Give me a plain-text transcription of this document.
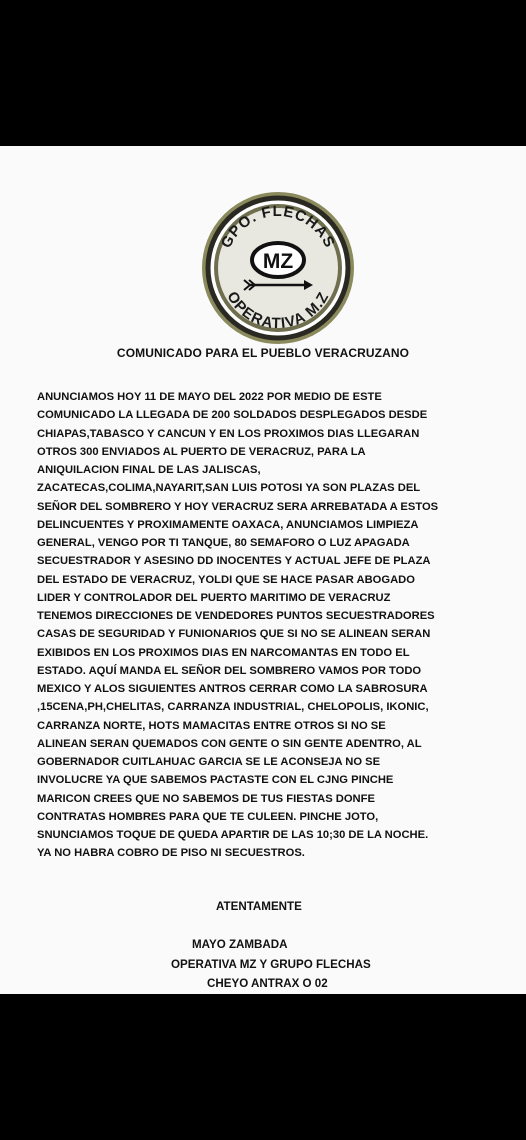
GPO. FLECHAS
OPERATIVA M.Z
MZ
COMUNICADO PARA EL PUEBLO VERACRUZANO

ANUNCIAMOS HOY 11 DE MAYO DEL 2022 POR MEDIO DE ESTE
COMUNICADO LA LLEGADA DE 200 SOLDADOS DESPLEGADOS DESDE
CHIAPAS,TABASCO Y CANCUN Y EN LOS PROXIMOS DIAS LLEGARAN
OTROS 300 ENVIADOS AL PUERTO DE VERACRUZ, PARA LA
ANIQUILACION FINAL DE LAS JALISCAS,
ZACATECAS,COLIMA,NAYARIT,SAN LUIS POTOSI YA SON PLAZAS DEL
SEÑOR DEL SOMBRERO Y HOY VERACRUZ SERA ARREBATADA A ESTOS
DELINCUENTES Y PROXIMAMENTE OAXACA, ANUNCIAMOS LIMPIEZA
GENERAL, VENGO POR TI TANQUE, 80 SEMAFORO O LUZ APAGADA
SECUESTRADOR Y ASESINO DD INOCENTES Y ACTUAL JEFE DE PLAZA
DEL ESTADO DE VERACRUZ, YOLDI QUE SE HACE PASAR ABOGADO
LIDER Y CONTROLADOR DEL PUERTO MARITIMO DE VERACRUZ
TENEMOS DIRECCIONES DE VENDEDORES PUNTOS SECUESTRADORES
CASAS DE SEGURIDAD Y FUNIONARIOS QUE SI NO SE ALINEAN SERAN
EXIBIDOS EN LOS PROXIMOS DIAS EN NARCOMANTAS EN TODO EL
ESTADO. AQUÍ MANDA EL SEÑOR DEL SOMBRERO VAMOS POR TODO
MEXICO Y ALOS SIGUIENTES ANTROS CERRAR COMO LA SABROSURA
,15CENA,PH,CHELITAS, CARRANZA INDUSTRIAL, CHELOPOLIS, IKONIC,
CARRANZA NORTE, HOTS MAMACITAS ENTRE OTROS SI NO SE
ALINEAN SERAN QUEMADOS CON GENTE O SIN GENTE ADENTRO, AL
GOBERNADOR CUITLAHUAC GARCIA SE LE ACONSEJA NO SE
INVOLUCRE YA QUE SABEMOS PACTASTE CON EL CJNG PINCHE
MARICON CREES QUE NO SABEMOS DE TUS FIESTAS DONFE
CONTRATAS HOMBRES PARA QUE TE CULEEN. PINCHE JOTO,
SNUNCIAMOS TOQUE DE QUEDA APARTIR DE LAS 10;30 DE LA NOCHE.
YA NO HABRA COBRO DE PISO NI SECUESTROS.

ATENTAMENTE
MAYO ZAMBADA
OPERATIVA MZ Y GRUPO FLECHAS
CHEYO ANTRAX O 02
